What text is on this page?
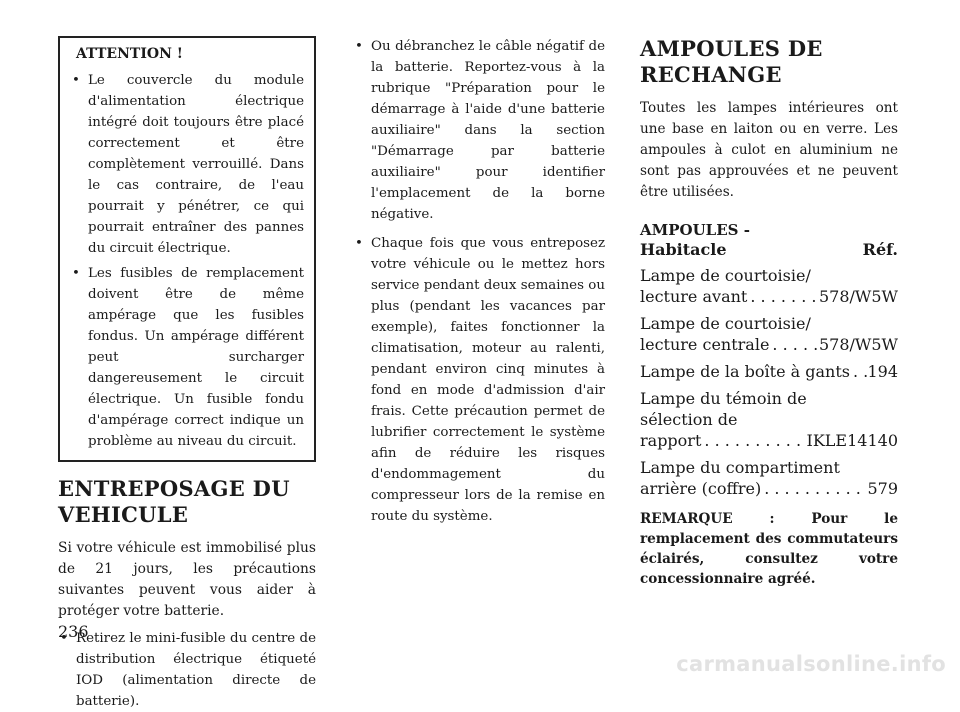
ATTENTION !
• Le couvercle du module d'alimentation électrique intégré doit toujours être placé correctement et être complètement verrouillé. Dans le cas contraire, de l'eau pourrait y pénétrer, ce qui pourrait entraîner des pannes du circuit électrique.
• Les fusibles de remplacement doivent être de même ampérage que les fusibles fondus. Un ampérage différent peut surcharger dangereusement le circuit électrique. Un fusible fondu d'ampérage correct indique un problème au niveau du circuit.
ENTREPOSAGE DU VEHICULE

Si votre véhicule est immobilisé plus de 21 jours, les précautions suivantes peuvent vous aider à protéger votre batterie.

• Retirez le mini-fusible du centre de distribution électrique étiqueté IOD (alimentation directe de batterie).
• Ou débranchez le câble négatif de la batterie. Reportez-vous à la rubrique "Préparation pour le démarrage à l'aide d'une batterie auxiliaire" dans la section "Démarrage par batterie auxiliaire" pour identifier l'emplacement de la borne négative.
• Chaque fois que vous entreposez votre véhicule ou le mettez hors service pendant deux semaines ou plus (pendant les vacances par exemple), faites fonctionner la climatisation, moteur au ralenti, pendant environ cinq minutes à fond en mode d'admission d'air frais. Cette précaution permet de lubrifier correctement le système afin de réduire les risques d'endommagement du compresseur lors de la remise en route du système.
AMPOULES DE RECHANGE

Toutes les lampes intérieures ont une base en laiton ou en verre. Les ampoules à culot en aluminium ne sont pas approuvées et ne peuvent être utilisées.

AMPOULES -
Habitacle	Réf.
Lampe de courtoisie/
lecture avant . . .	578/W5W
Lampe de courtoisie/
lecture centrale . . .	578/W5W
Lampe de la boîte à gants . . . 194
Lampe du témoin de
sélection de
rapport . . .	IKLE14140
Lampe du compartiment
arrière (coffre) . . .	579
REMARQUE : Pour le remplacement des commutateurs éclairés, consultez votre concessionnaire agréé.
236
carmanualsonline.info
